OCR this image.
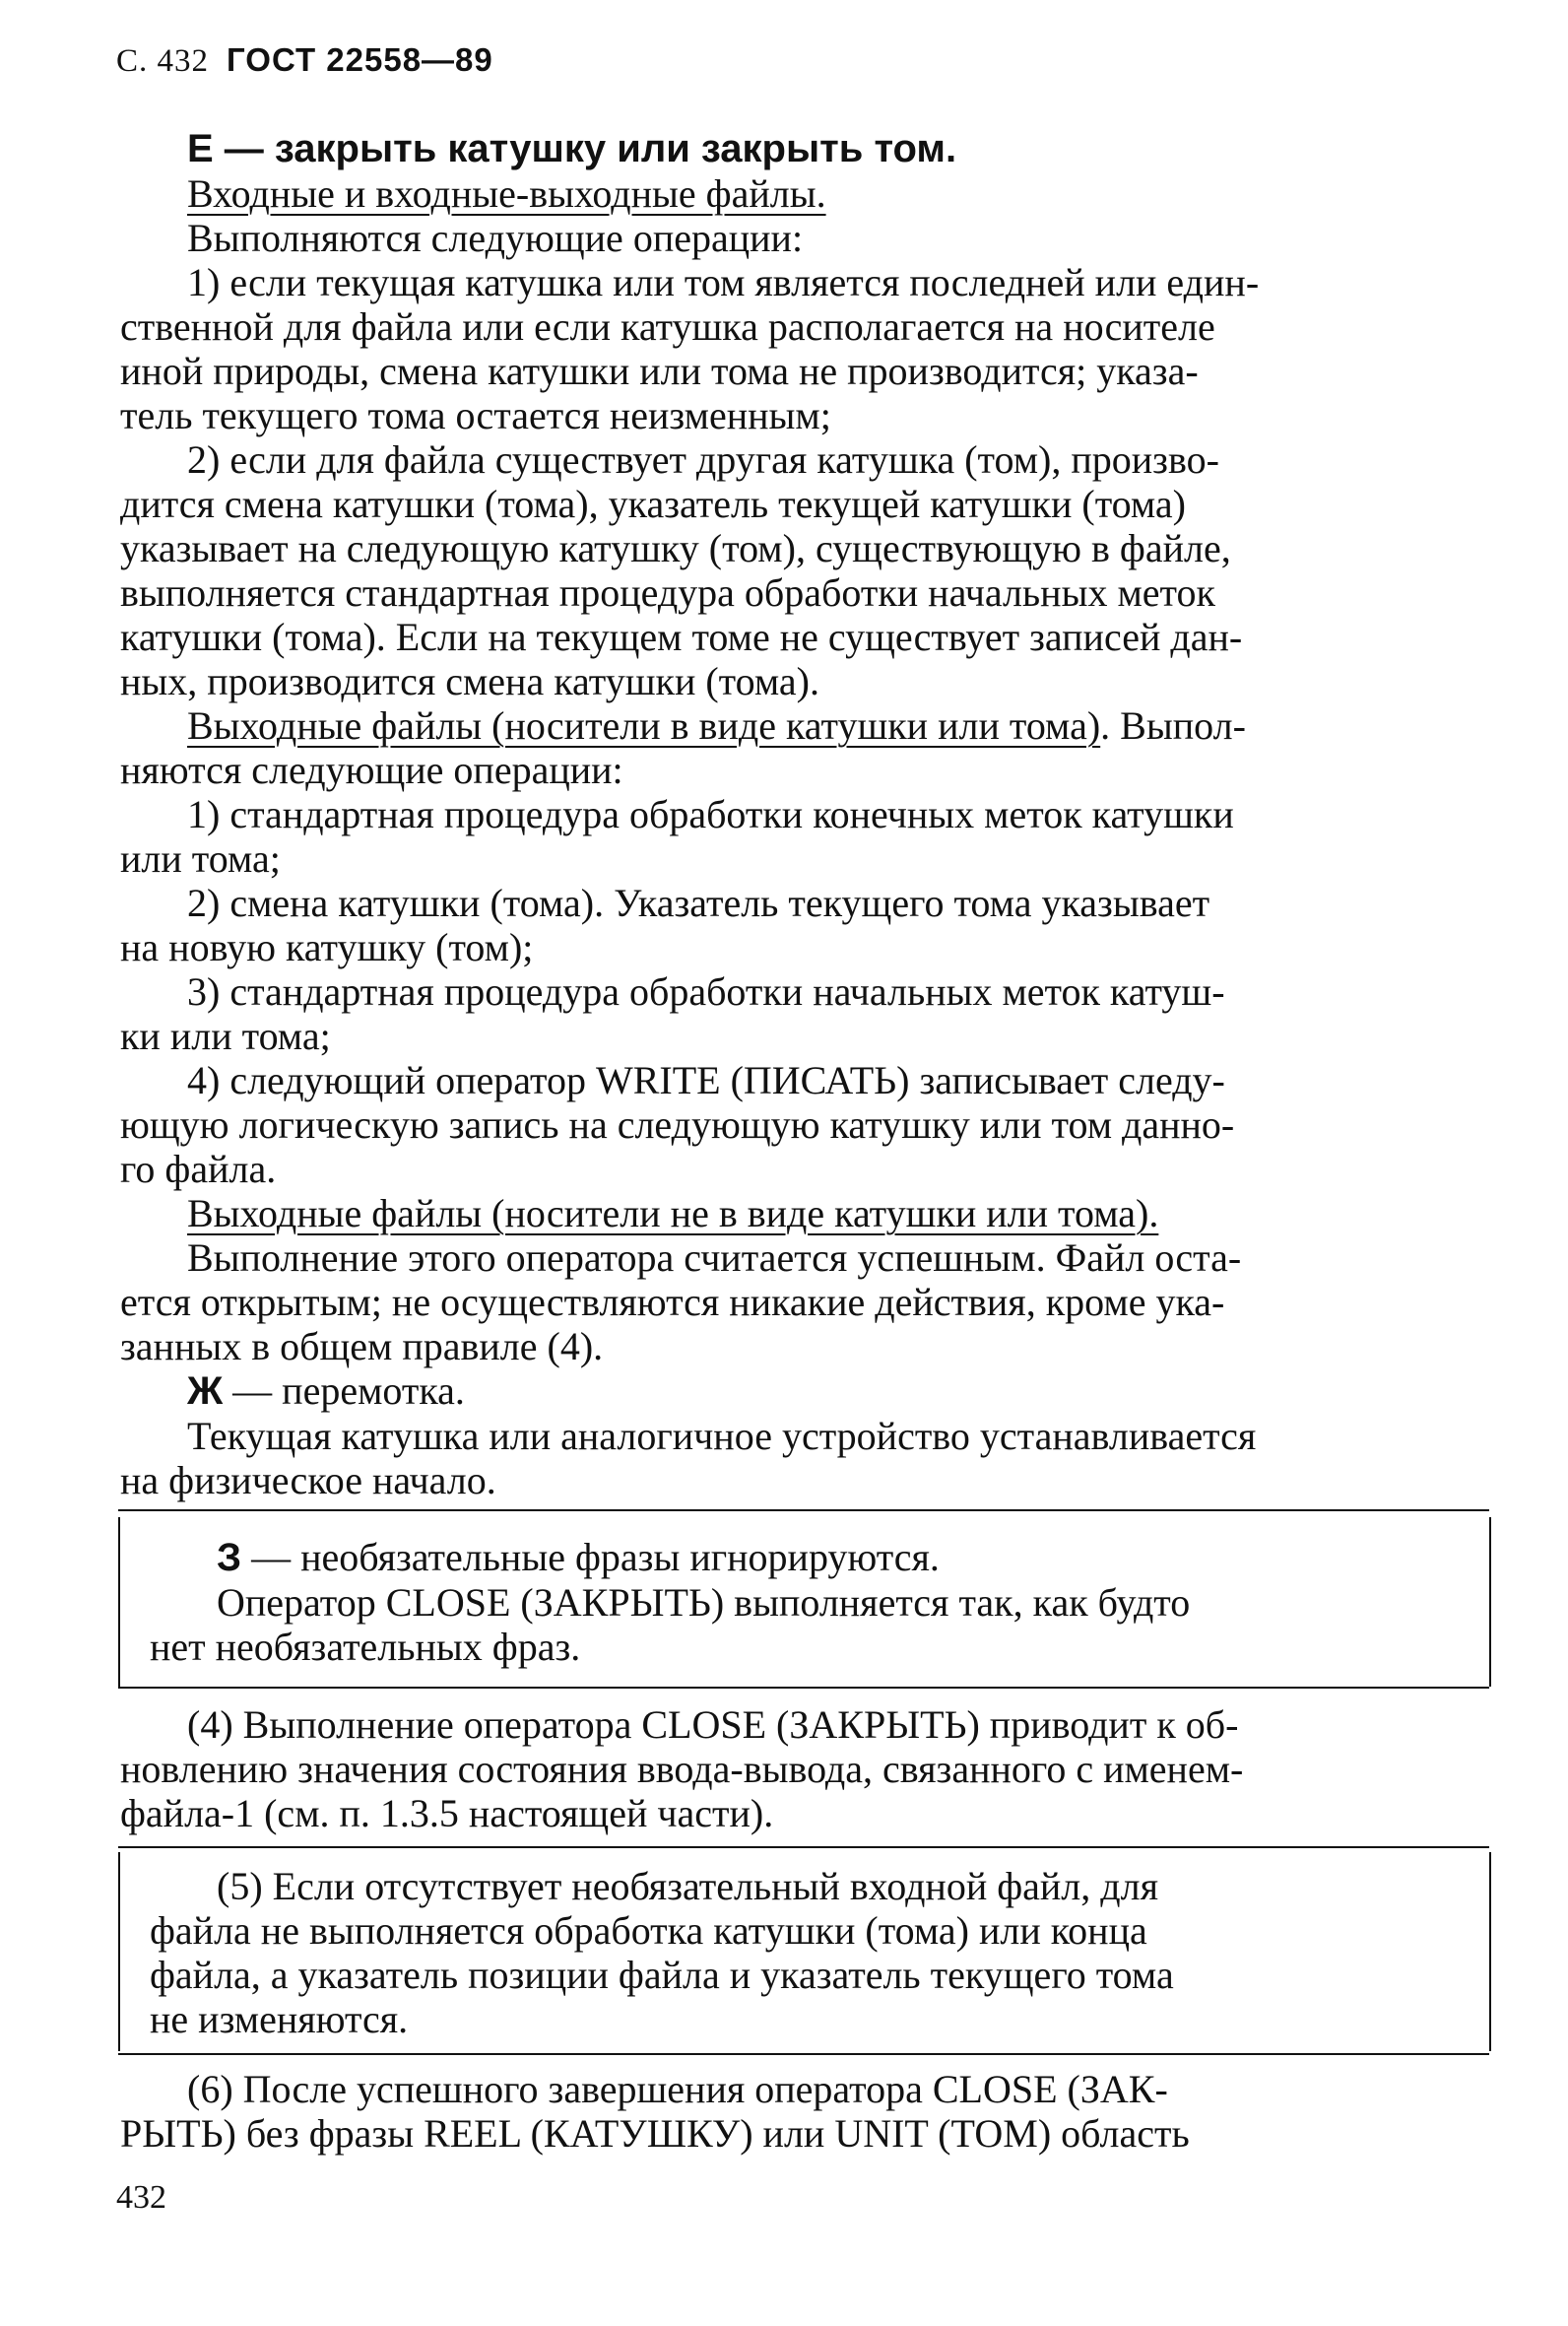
С. 432 ГОСТ 22558—89
Е — закрыть катушку или закрыть том.
Входные и входные-выходные файлы.
Выполняются следующие операции:
1) если текущая катушка или том является последней или един-
ственной для файла или если катушка располагается на носителе
иной природы, смена катушки или тома не производится; указа-
тель текущего тома остается неизменным;
2) если для файла существует другая катушка (том), произво-
дится смена катушки (тома), указатель текущей катушки (тома)
указывает на следующую катушку (том), существующую в файле,
выполняется стандартная процедура обработки начальных меток
катушки (тома). Если на текущем томе не существует записей дан-
ных, производится смена катушки (тома).
Выходные файлы (носители в виде катушки или тома). Выпол-
няются следующие операции:
1) стандартная процедура обработки конечных меток катушки
или тома;
2) смена катушки (тома). Указатель текущего тома указывает
на новую катушку (том);
3) стандартная процедура обработки начальных меток катуш-
ки или тома;
4) следующий оператор WRITE (ПИСАТЬ) записывает следу-
ющую логическую запись на следующую катушку или том данно-
го файла.
Выходные файлы (носители не в виде катушки или тома).
Выполнение этого оператора считается успешным. Файл оста-
ется открытым; не осуществляются никакие действия, кроме ука-
занных в общем правиле (4).
Ж — перемотка.
Текущая катушка или аналогичное устройство устанавливается
на физическое начало.
З — необязательные фразы игнорируются.
Оператор CLOSE (ЗАКРЫТЬ) выполняется так, как будто
нет необязательных фраз.
(4) Выполнение оператора CLOSE (ЗАКРЫТЬ) приводит к об-
новлению значения состояния ввода-вывода, связанного с именем-
файла-1 (см. п. 1.3.5 настоящей части).
(5) Если отсутствует необязательный входной файл, для
файла не выполняется обработка катушки (тома) или конца
файла, а указатель позиции файла и указатель текущего тома
не изменяются.
(6) После успешного завершения оператора CLOSE (ЗАК-
РЫТЬ) без фразы REEL (КАТУШКУ) или UNIT (ТОМ) область
432
